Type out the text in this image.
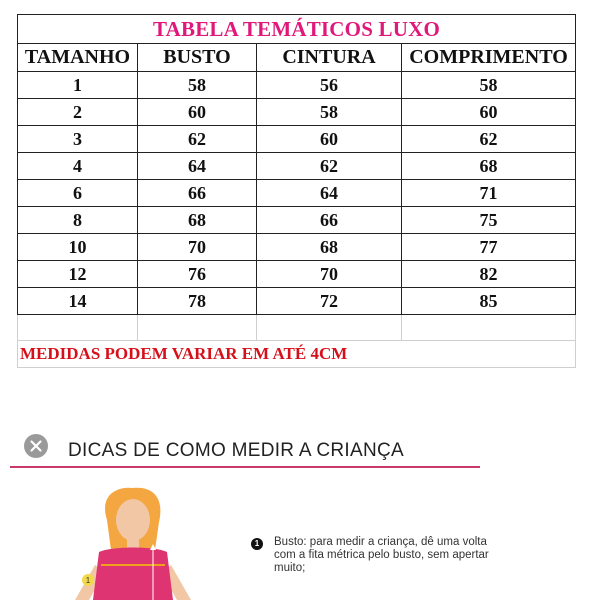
TABELA TEMÁTICOS LUXO			
TAMANHO	BUSTO	CINTURA	COMPRIMENTO
1	58	56	58
2	60	58	60
3	62	60	62
4	64	62	68
6	66	64	71
8	68	66	75
10	70	68	77
12	76	70	82
14	78	72	85

MEDIDAS PODEM VARIAR EM ATÉ 4CM			
DICAS DE COMO MEDIR A CRIANÇA
1
1	Busto: para medir a criança, dê uma volta com a fita métrica pelo busto, sem apertar muito;
